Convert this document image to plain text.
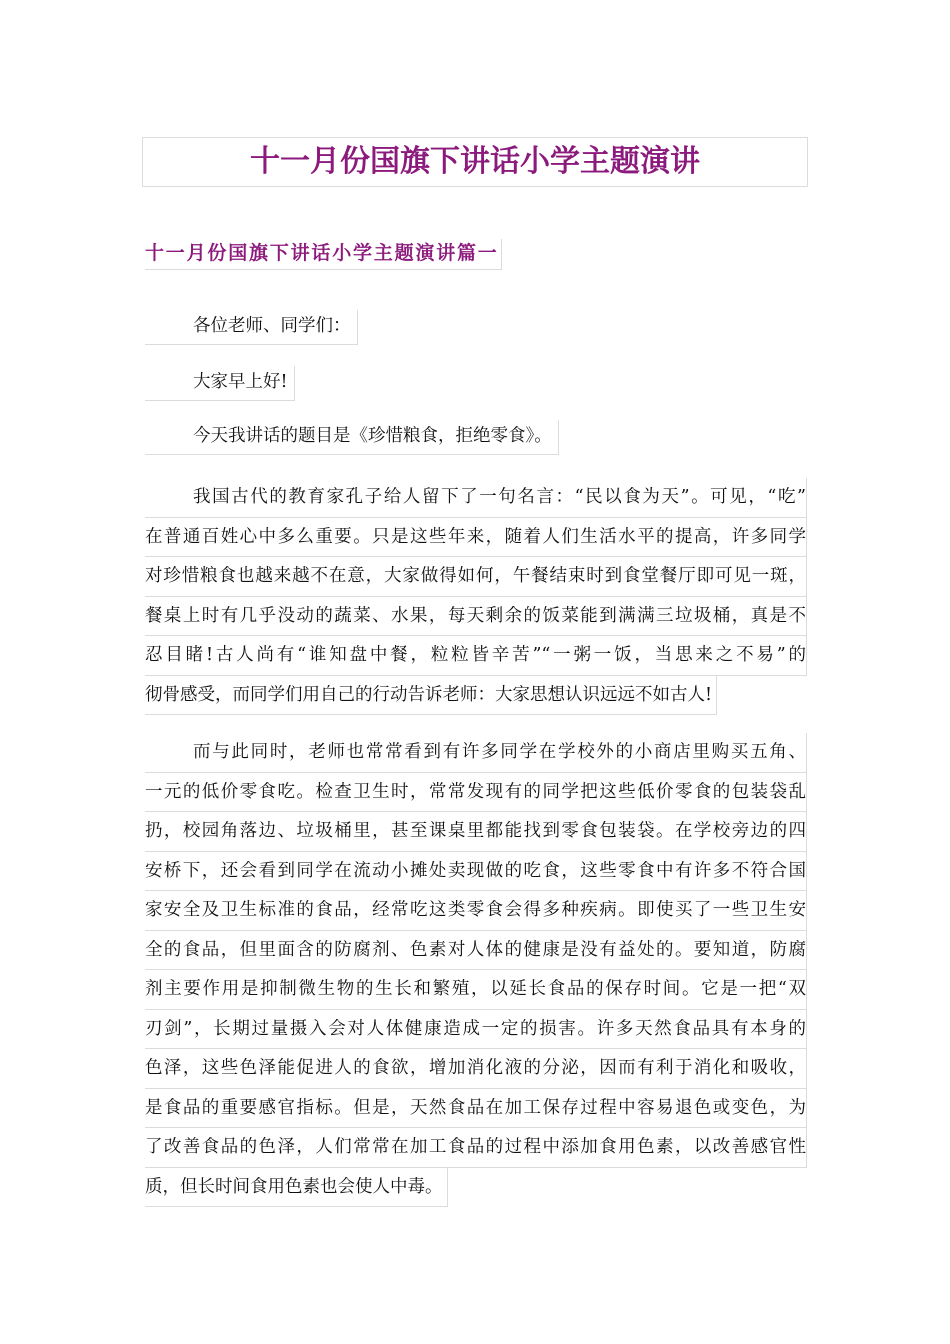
十一月份国旗下讲话小学主题演讲
十一月份国旗下讲话小学主题演讲篇一
各位老师、同学们：
大家早上好!
今天我讲话的题目是《珍惜粮食，拒绝零食》。
我国古代的教育家孔子给人留下了一句名言：“民以食为天”。可见，“吃”
在普通百姓心中多么重要。只是这些年来，随着人们生活水平的提高，许多同学
对珍惜粮食也越来越不在意，大家做得如何，午餐结束时到食堂餐厅即可见一斑，
餐桌上时有几乎没动的蔬菜、水果，每天剩余的饭菜能到满满三垃圾桶，真是不
忍目睹!古人尚有“谁知盘中餐，粒粒皆辛苦”“一粥一饭，当思来之不易”的
彻骨感受，而同学们用自己的行动告诉老师：大家思想认识远远不如古人!
而与此同时，老师也常常看到有许多同学在学校外的小商店里购买五角、
一元的低价零食吃。检查卫生时，常常发现有的同学把这些低价零食的包装袋乱
扔，校园角落边、垃圾桶里，甚至课桌里都能找到零食包装袋。在学校旁边的四
安桥下，还会看到同学在流动小摊处卖现做的吃食，这些零食中有许多不符合国
家安全及卫生标准的食品，经常吃这类零食会得多种疾病。即使买了一些卫生安
全的食品，但里面含的防腐剂、色素对人体的健康是没有益处的。要知道，防腐
剂主要作用是抑制微生物的生长和繁殖，以延长食品的保存时间。它是一把“双
刃剑”，长期过量摄入会对人体健康造成一定的损害。许多天然食品具有本身的
色泽，这些色泽能促进人的食欲，增加消化液的分泌，因而有利于消化和吸收，
是食品的重要感官指标。但是，天然食品在加工保存过程中容易退色或变色，为
了改善食品的色泽，人们常常在加工食品的过程中添加食用色素，以改善感官性
质，但长时间食用色素也会使人中毒。
